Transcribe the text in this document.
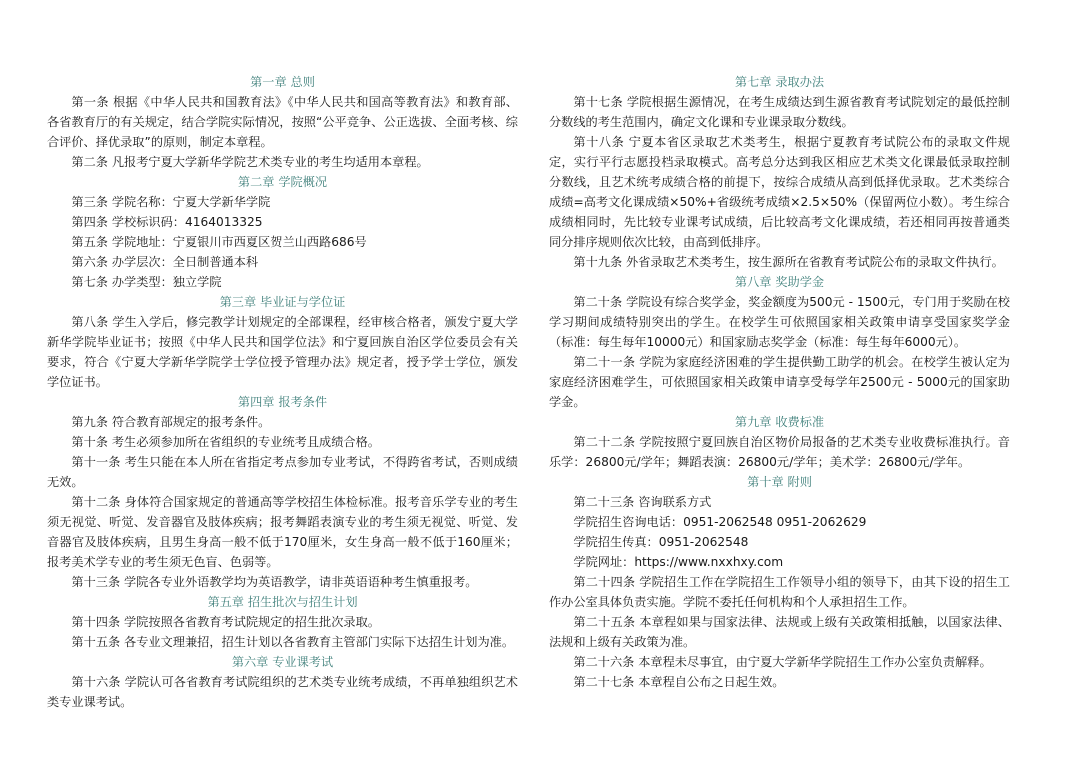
第一章 总则
第一条 根据《中华人民共和国教育法》《中华人民共和国高等教育法》和教育部、各省教育厅的有关规定，结合学院实际情况，按照“公平竞争、公正选拔、全面考核、综合评价、择优录取”的原则，制定本章程。
第二条 凡报考宁夏大学新华学院艺术类专业的考生均适用本章程。
第二章 学院概况
第三条 学院名称：宁夏大学新华学院
第四条 学校标识码：4164013325
第五条 学院地址：宁夏银川市西夏区贺兰山西路686号
第六条 办学层次：全日制普通本科
第七条 办学类型：独立学院
第三章 毕业证与学位证
第八条 学生入学后，修完教学计划规定的全部课程，经审核合格者，颁发宁夏大学新华学院毕业证书；按照《中华人民共和国学位法》和宁夏回族自治区学位委员会有关要求，符合《宁夏大学新华学院学士学位授予管理办法》规定者，授予学士学位，颁发学位证书。
第四章 报考条件
第九条 符合教育部规定的报考条件。
第十条 考生必须参加所在省组织的专业统考且成绩合格。
第十一条 考生只能在本人所在省指定考点参加专业考试，不得跨省考试，否则成绩无效。
第十二条 身体符合国家规定的普通高等学校招生体检标准。报考音乐学专业的考生须无视觉、听觉、发音器官及肢体疾病；报考舞蹈表演专业的考生须无视觉、听觉、发音器官及肢体疾病，且男生身高一般不低于170厘米，女生身高一般不低于160厘米；报考美术学专业的考生须无色盲、色弱等。
第十三条 学院各专业外语教学均为英语教学，请非英语语种考生慎重报考。
第五章 招生批次与招生计划
第十四条 学院按照各省教育考试院规定的招生批次录取。
第十五条 各专业文理兼招，招生计划以各省教育主管部门实际下达招生计划为准。
第六章 专业课考试
第十六条 学院认可各省教育考试院组织的艺术类专业统考成绩，不再单独组织艺术类专业课考试。
第七章 录取办法
第十七条 学院根据生源情况，在考生成绩达到生源省教育考试院划定的最低控制分数线的考生范围内，确定文化课和专业课录取分数线。
第十八条 宁夏本省区录取艺术类考生，根据宁夏教育考试院公布的录取文件规定，实行平行志愿投档录取模式。高考总分达到我区相应艺术类文化课最低录取控制分数线，且艺术统考成绩合格的前提下，按综合成绩从高到低择优录取。艺术类综合成绩=高考文化课成绩×50%+省级统考成绩×2.5×50%（保留两位小数）。考生综合成绩相同时，先比较专业课考试成绩，后比较高考文化课成绩，若还相同再按普通类同分排序规则依次比较，由高到低排序。
第十九条 外省录取艺术类考生，按生源所在省教育考试院公布的录取文件执行。
第八章 奖助学金
第二十条 学院设有综合奖学金，奖金额度为500元 - 1500元，专门用于奖励在校学习期间成绩特别突出的学生。在校学生可依照国家相关政策申请享受国家奖学金（标准：每生每年10000元）和国家励志奖学金（标准：每生每年6000元）。
第二十一条 学院为家庭经济困难的学生提供勤工助学的机会。在校学生被认定为家庭经济困难学生，可依照国家相关政策申请享受每学年2500元 - 5000元的国家助学金。
第九章 收费标准
第二十二条 学院按照宁夏回族自治区物价局报备的艺术类专业收费标准执行。音乐学：26800元/学年；舞蹈表演：26800元/学年；美术学：26800元/学年。
第十章 附则
第二十三条 咨询联系方式
学院招生咨询电话：0951-2062548 0951-2062629
学院招生传真：0951-2062548
学院网址：https://www.nxxhxy.com
第二十四条 学院招生工作在学院招生工作领导小组的领导下，由其下设的招生工作办公室具体负责实施。学院不委托任何机构和个人承担招生工作。
第二十五条 本章程如果与国家法律、法规或上级有关政策相抵触，以国家法律、法规和上级有关政策为准。
第二十六条 本章程未尽事宜，由宁夏大学新华学院招生工作办公室负责解释。
第二十七条 本章程自公布之日起生效。
